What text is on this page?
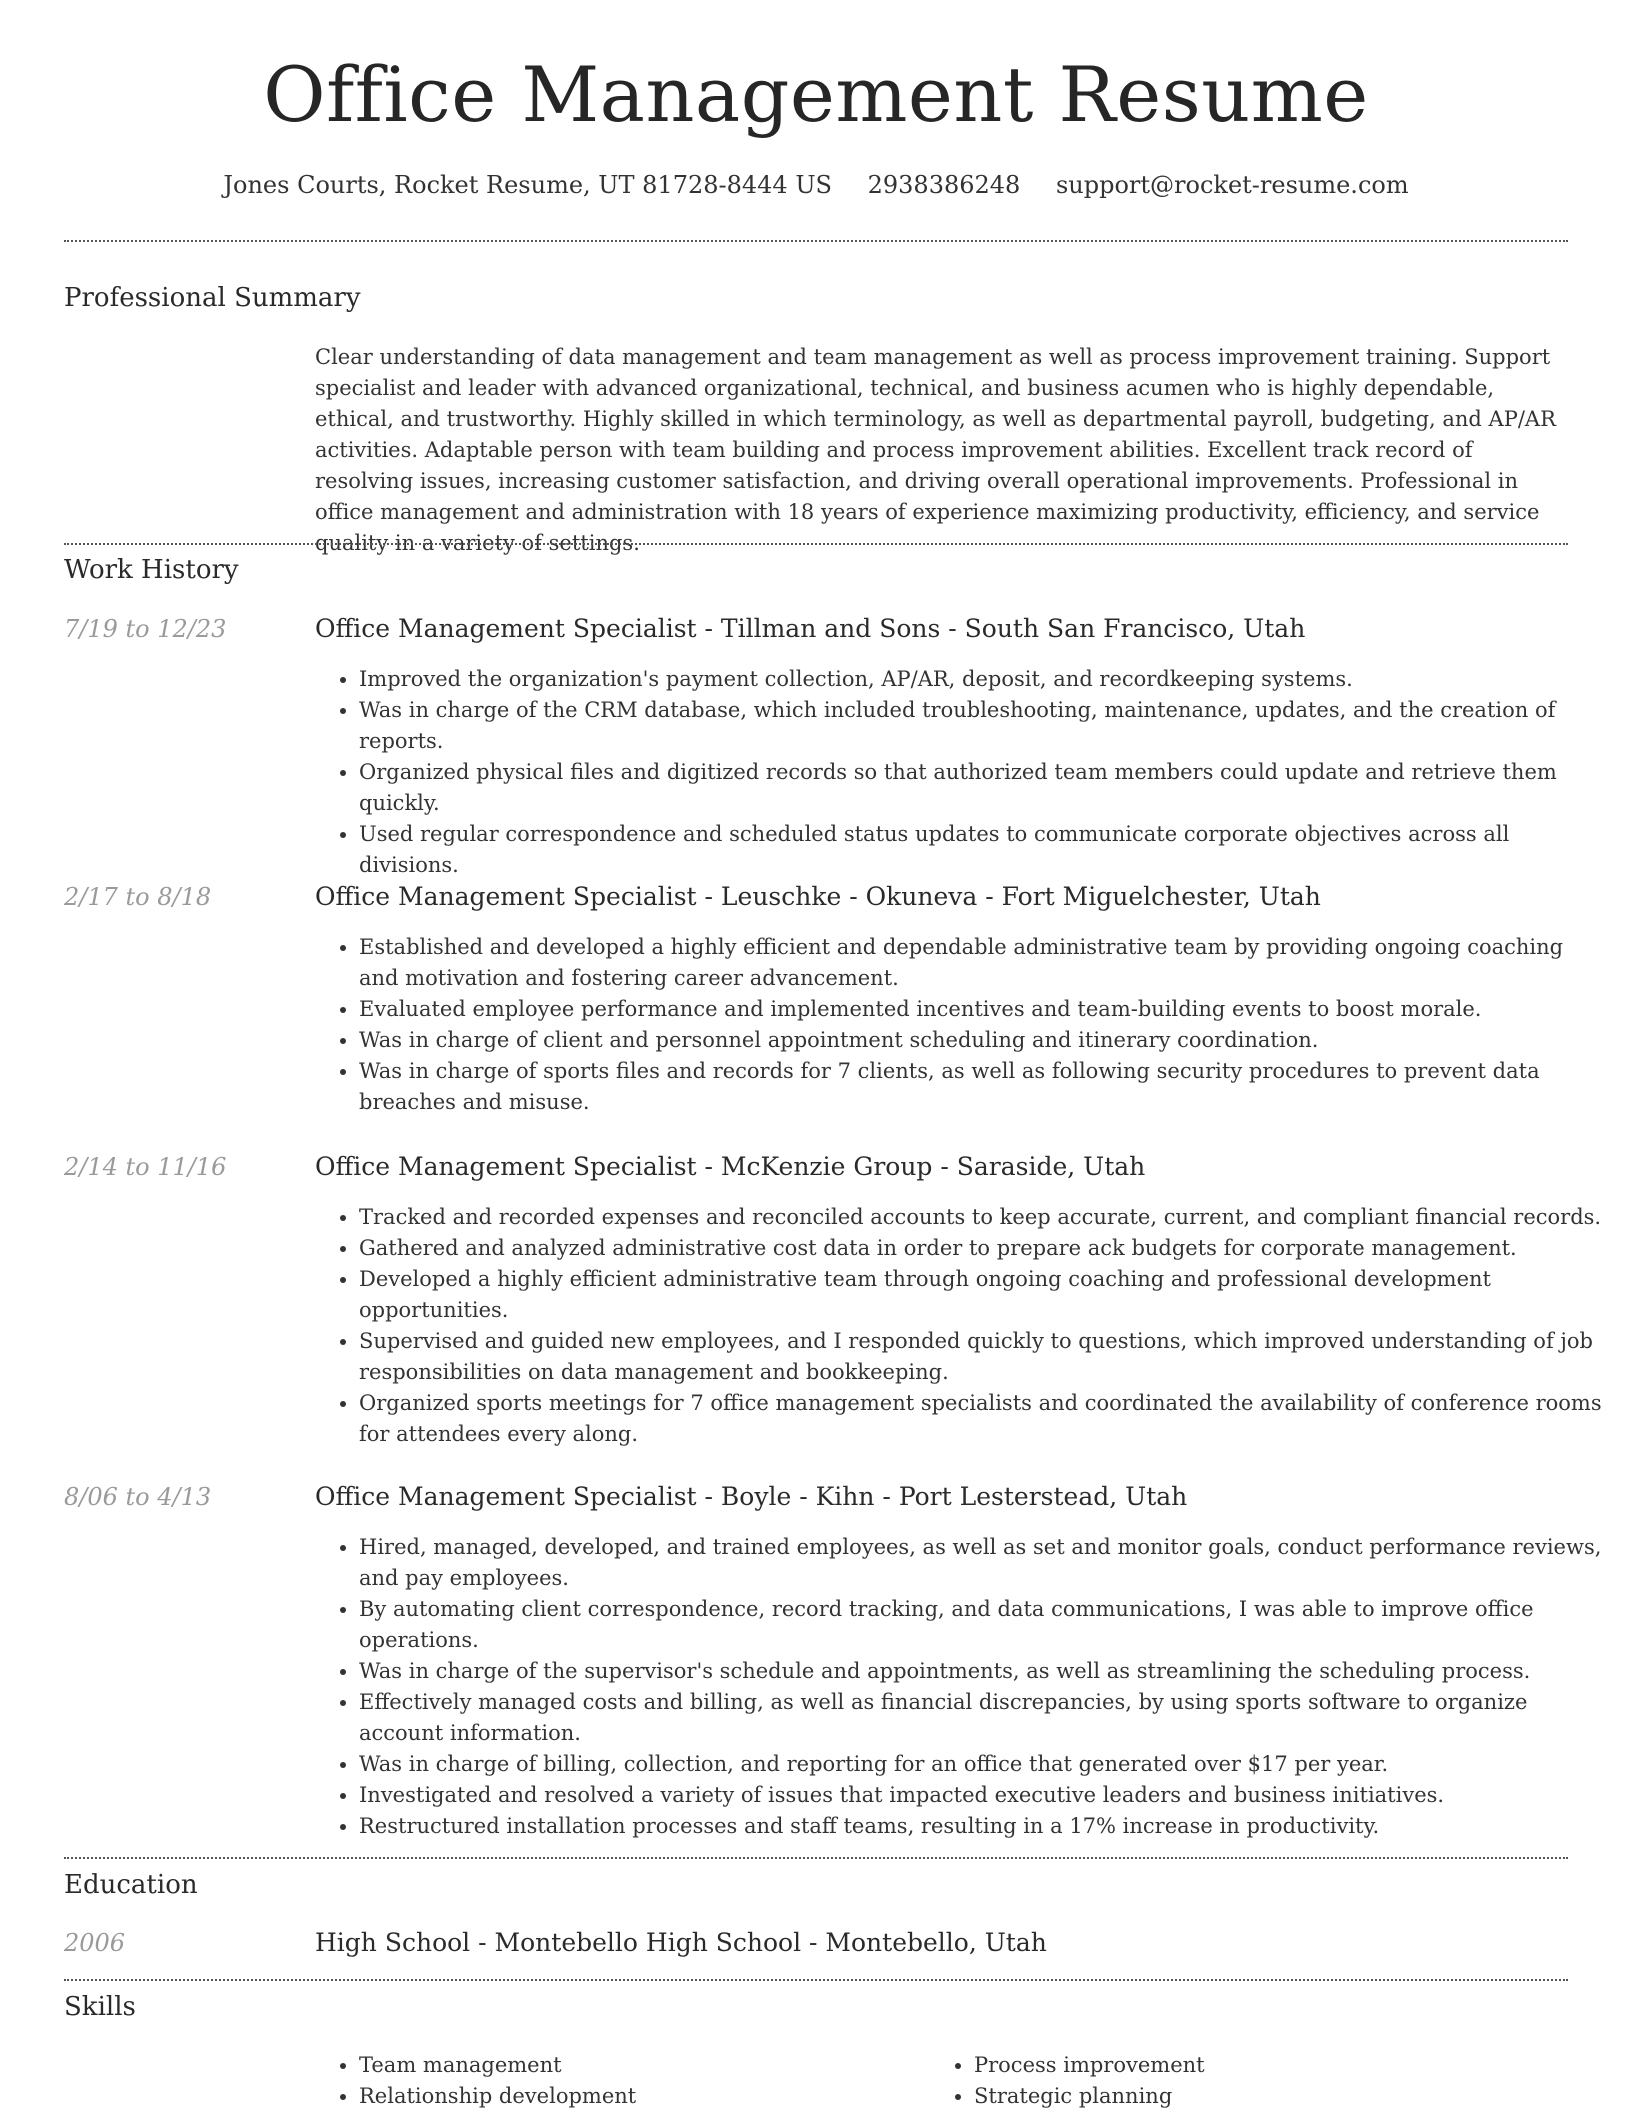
Office Management Resume
Jones Courts, Rocket Resume, UT 81728-8444 US 2938386248 support@rocket-resume.com
Professional Summary

Clear understanding of data management and team management as well as process improvement training. Support specialist and leader with advanced organizational, technical, and business acumen who is highly dependable, ethical, and trustworthy. Highly skilled in which terminology, as well as departmental payroll, budgeting, and AP/AR activities. Adaptable person with team building and process improvement abilities. Excellent track record of resolving issues, increasing customer satisfaction, and driving overall operational improvements. Professional in office management and administration with 18 years of experience maximizing productivity, efficiency, and service quality in a variety of settings.

Work History
7/19 to 12/23	Office Management Specialist - Tillman and Sons - South San Francisco, Utah
• Improved the organization's payment collection, AP/AR, deposit, and recordkeeping systems.
• Was in charge of the CRM database, which included troubleshooting, maintenance, updates, and the creation of reports.
• Organized physical files and digitized records so that authorized team members could update and retrieve them quickly.
• Used regular correspondence and scheduled status updates to communicate corporate objectives across all divisions.
2/17 to 8/18	Office Management Specialist - Leuschke - Okuneva - Fort Miguelchester, Utah
• Established and developed a highly efficient and dependable administrative team by providing ongoing coaching and motivation and fostering career advancement.
• Evaluated employee performance and implemented incentives and team-building events to boost morale.
• Was in charge of client and personnel appointment scheduling and itinerary coordination.
• Was in charge of sports files and records for 7 clients, as well as following security procedures to prevent data breaches and misuse.
2/14 to 11/16	Office Management Specialist - McKenzie Group - Saraside, Utah
• Tracked and recorded expenses and reconciled accounts to keep accurate, current, and compliant financial records.
• Gathered and analyzed administrative cost data in order to prepare ack budgets for corporate management.
• Developed a highly efficient administrative team through ongoing coaching and professional development opportunities.
• Supervised and guided new employees, and I responded quickly to questions, which improved understanding of job responsibilities on data management and bookkeeping.
• Organized sports meetings for 7 office management specialists and coordinated the availability of conference rooms for attendees every along.
8/06 to 4/13	Office Management Specialist - Boyle - Kihn - Port Lesterstead, Utah
• Hired, managed, developed, and trained employees, as well as set and monitor goals, conduct performance reviews, and pay employees.
• By automating client correspondence, record tracking, and data communications, I was able to improve office operations.
• Was in charge of the supervisor's schedule and appointments, as well as streamlining the scheduling process.
• Effectively managed costs and billing, as well as financial discrepancies, by using sports software to organize account information.
• Was in charge of billing, collection, and reporting for an office that generated over $17 per year.
• Investigated and resolved a variety of issues that impacted executive leaders and business initiatives.
• Restructured installation processes and staff teams, resulting in a 17% increase in productivity.
Education
2006	High School - Montebello High School - Montebello, Utah
Skills
• Team management
• Relationship development
• Process improvement
• Strategic planning
